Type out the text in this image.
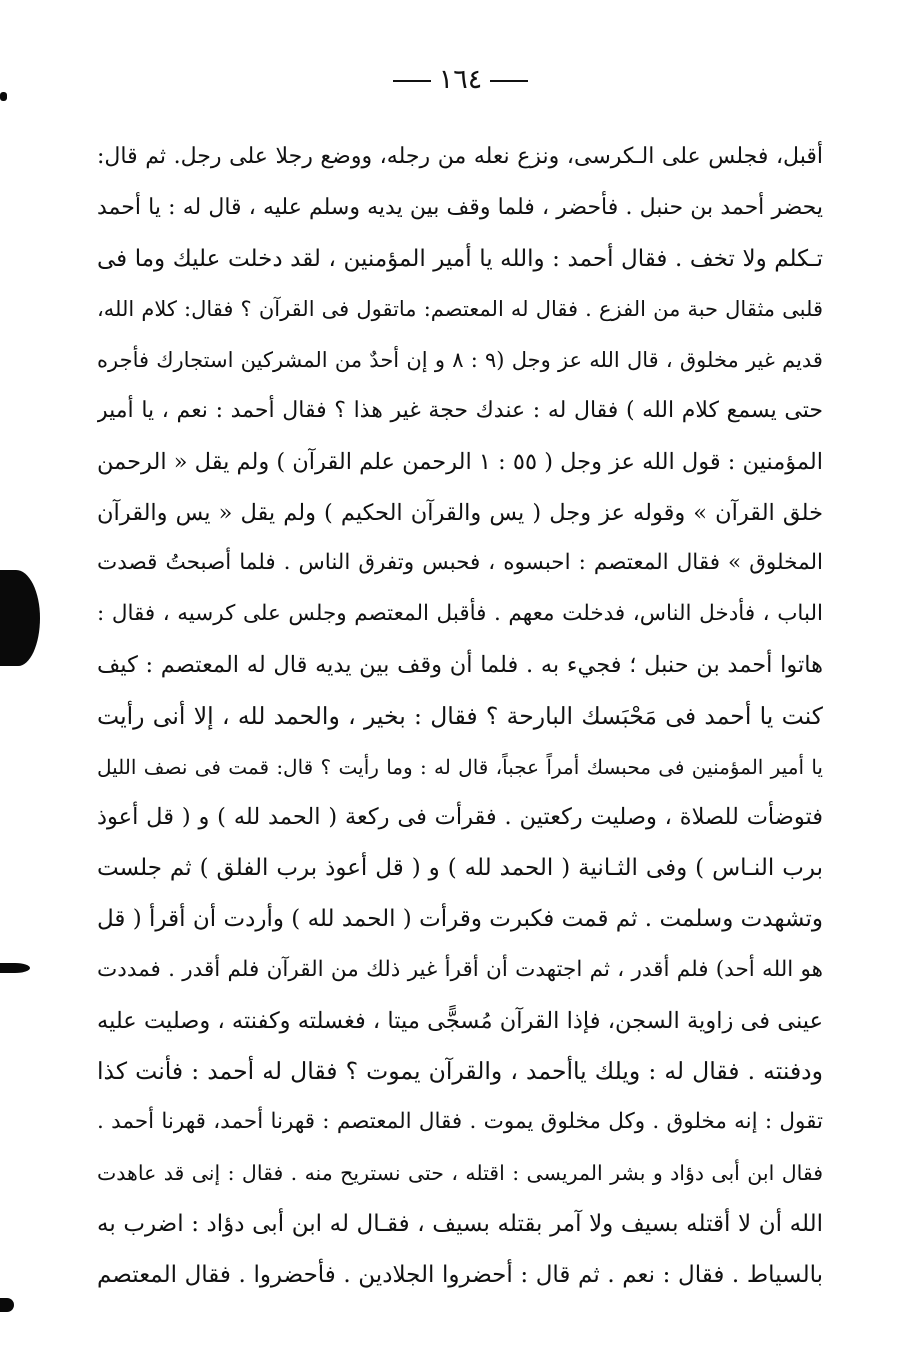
١٦٤
أقبل، فجلس على الـكرسى، ونزع نعله من رجله، ووضع رجلا على رجل. ثم قال:
يحضر أحمد بن حنبل . فأحضر ، فلما وقف بين يديه وسلم عليه ، قال له : يا أحمد
تـكلم ولا تخف . فقال أحمد : والله يا أمير المؤمنين ، لقد دخلت عليك وما فى
قلبى مثقال حبة من الفزع . فقال له المعتصم: ماتقول فى القرآن ؟ فقال: كلام الله،
قديم غير مخلوق ، قال الله عز وجل (٩ : ٨ و إن أحدٌ من المشركين استجارك فأجره
حتى يسمع كلام الله ) فقال له : عندك حجة غير هذا ؟ فقال أحمد : نعم ، يا أمير
المؤمنين : قول الله عز وجل ( ٥٥ : ١ الرحمن علم القرآن ) ولم يقل « الرحمن
خلق القرآن » وقوله عز وجل ( يس والقرآن الحكيم ) ولم يقل « يس والقرآن
المخلوق » فقال المعتصم : احبسوه ، فحبس وتفرق الناس . فلما أصبحتُ قصدت
الباب ، فأدخل الناس، فدخلت معهم . فأقبل المعتصم وجلس على كرسيه ، فقال :
هاتوا أحمد بن حنبل ؛ فجيء به . فلما أن وقف بين يديه قال له المعتصم : كيف
كنت يا أحمد فى مَحْبَسك البارحة ؟ فقال : بخير ، والحمد لله ، إلا أنى رأيت
يا أمير المؤمنين فى محبسك أمراً عجباً، قال له : وما رأيت ؟ قال: قمت فى نصف الليل
فتوضأت للصلاة ، وصليت ركعتين . فقرأت فى ركعة ( الحمد لله ) و ( قل أعوذ
برب النـاس ) وفى الثـانية ( الحمد لله ) و ( قل أعوذ برب الفلق ) ثم جلست
وتشهدت وسلمت . ثم قمت فكبرت وقرأت ( الحمد لله ) وأردت أن أقرأ ( قل
هو الله أحد) فلم أقدر ، ثم اجتهدت أن أقرأ غير ذلك من القرآن فلم أقدر . فمددت
عينى فى زاوية السجن، فإذا القرآن مُسجًّى ميتا ، فغسلته وكفنته ، وصليت عليه
ودفنته . فقال له : ويلك ياأحمد ، والقرآن يموت ؟ فقال له أحمد : فأنت كذا
تقول : إنه مخلوق . وكل مخلوق يموت . فقال المعتصم : قهرنا أحمد، قهرنا أحمد .
فقال ابن أبى دؤاد و بشر المريسى : اقتله ، حتى نستريح منه . فقال : إنى قد عاهدت
الله أن لا أقتله بسيف ولا آمر بقتله بسيف ، فقـال له ابن أبى دؤاد : اضرب به
بالسياط . فقال : نعم . ثم قال : أحضروا الجلادين . فأحضروا . فقال المعتصم
